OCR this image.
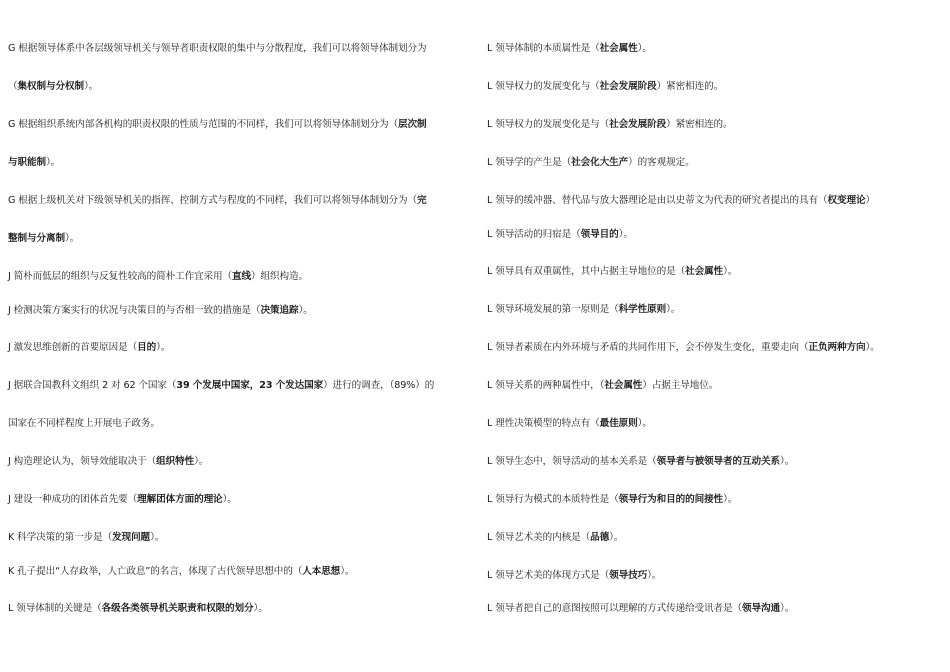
G 根据领导体系中各层级领导机关与领导者职责权限的集中与分散程度，我们可以将领导体制划分为
（集权制与分权制）。
G 根据组织系统内部各机构的职责权限的性质与范围的不同样，我们可以将领导体制划分为（层次制
与职能制）。
G 根据上级机关对下级领导机关的指挥、控制方式与程度的不同样，我们可以将领导体制划分为（完
整制与分离制）。
J 简朴而低层的组织与反复性较高的简朴工作宜采用（直线）组织构造。
J 检测决策方案实行的状况与决策目的与否相一致的措施是（决策追踪）。
J 激发思维创新的首要原因是（目的）。
J 据联合国教科文组织 2 对 62 个国家（39 个发展中国家，23 个发达国家）进行的调查，（89%）的
国家在不同样程度上开展电子政务。
J 构造理论认为，领导效能取决于（组织特性）。
J 建设一种成功的团体首先要（理解团体方面的理论）。
K 科学决策的第一步是（发现问题）。
K 孔子提出“人存政举，人亡政息”的名言，体现了古代领导思想中的（人本思想）。
L 领导体制的关键是（各级各类领导机关职责和权限的划分）。
L 领导体制的本质属性是（社会属性）。
L 领导权力的发展变化与（社会发展阶段）紧密相连的。
L 领导权力的发展变化是与（社会发展阶段）紧密相连的。
L 领导学的产生是（社会化大生产）的客观规定。
L 领导的缓冲器、替代品与放大器理论是由以史蒂文为代表的研究者提出的具有（权变理论）
L 领导活动的归宿是（领导目的）。
L 领导具有双重属性，其中占据主导地位的是（社会属性）。
L 领导环境发展的第一原则是（科学性原则）。
L 领导者素质在内外环境与矛盾的共同作用下，会不停发生变化，重要走向（正负两种方向）。
L 领导关系的两种属性中，（社会属性）占据主导地位。
L 理性决策模型的特点有（最佳原则）。
L 领导生态中，领导活动的基本关系是（领导者与被领导者的互动关系）。
L 领导行为模式的本质特性是（领导行为和目的的间接性）。
L 领导艺术美的内核是（品德）。
L 领导艺术美的体现方式是（领导技巧）。
L 领导者把自己的意图按照可以理解的方式传递给受讯者是（领导沟通）。
